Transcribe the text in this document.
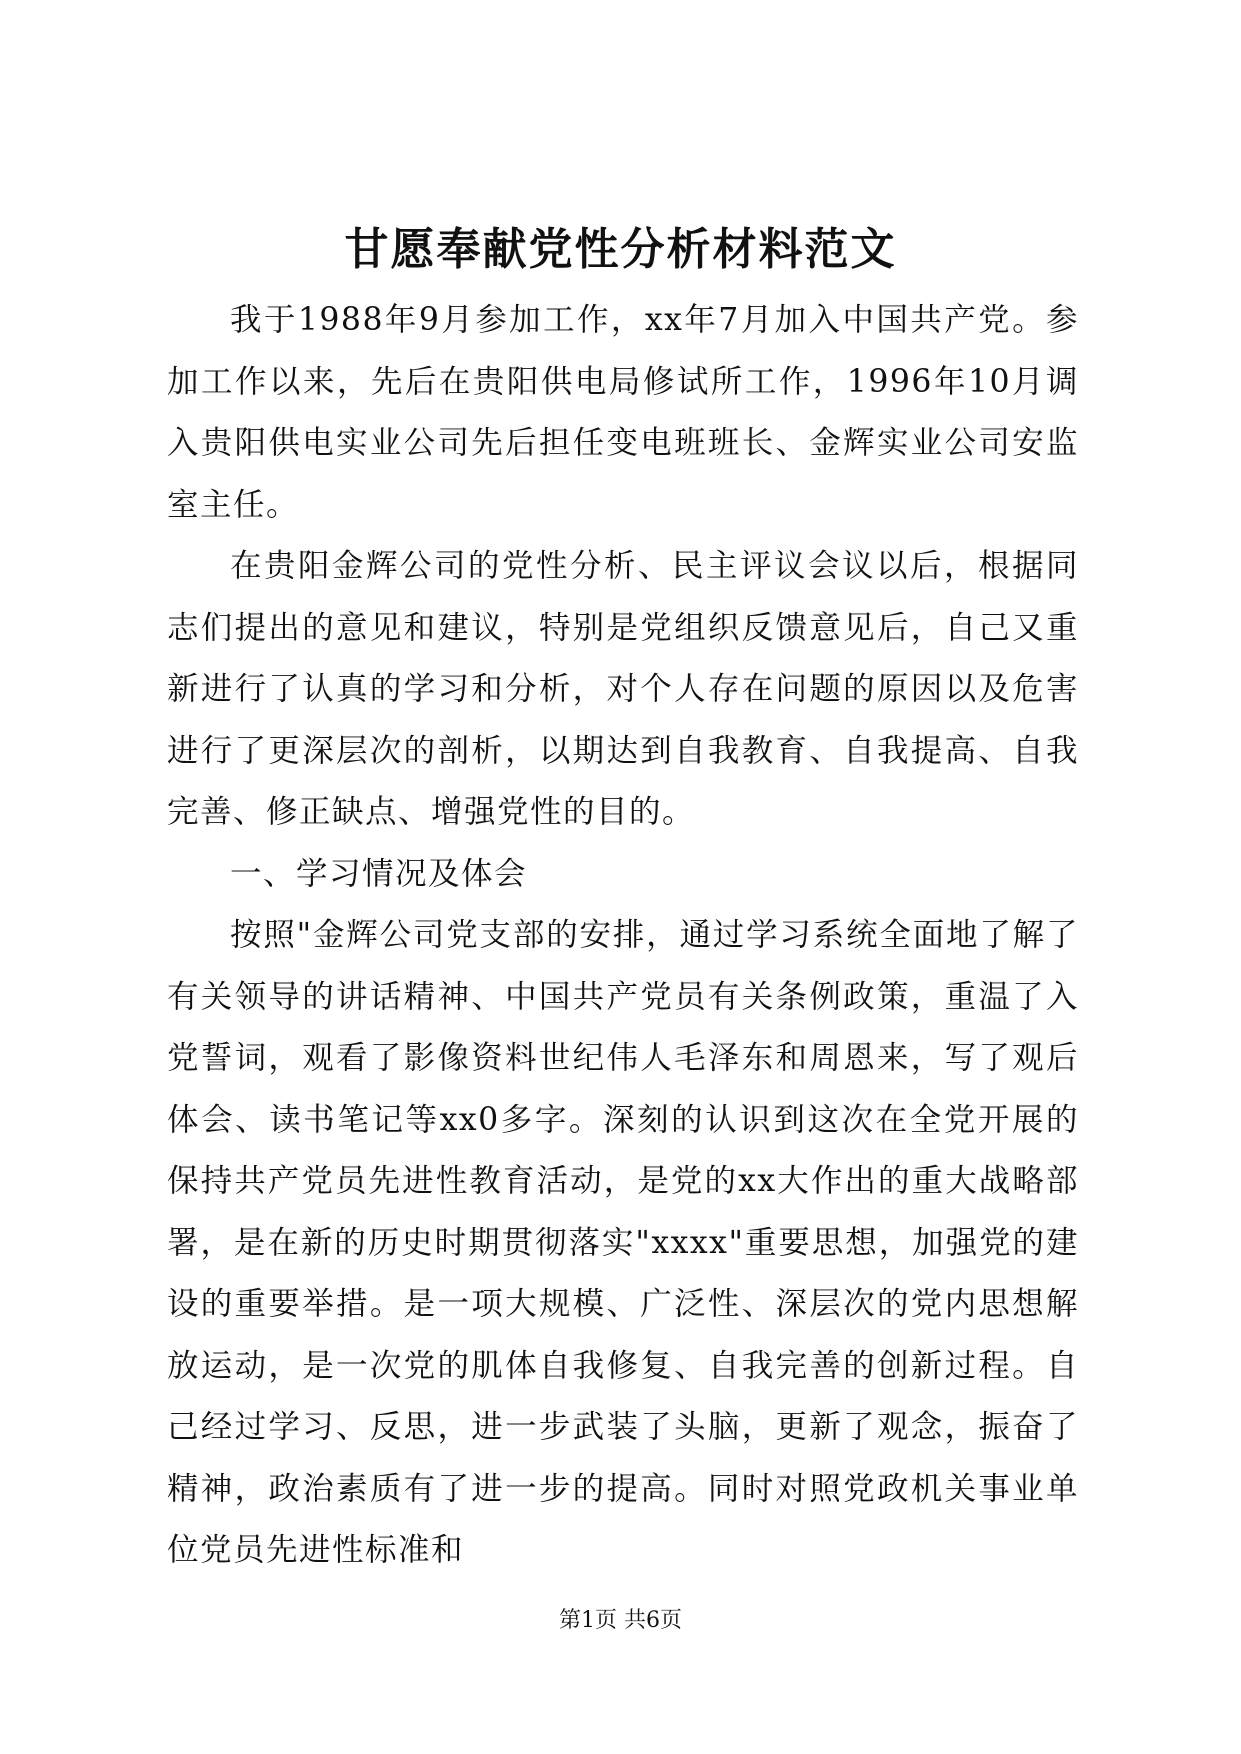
甘愿奉献党性分析材料范文

我于1988年9月参加工作，xx年7月加入中国共产党。参加工作以来，先后在贵阳供电局修试所工作，1996年10月调入贵阳供电实业公司先后担任变电班班长、金辉实业公司安监室主任。

在贵阳金辉公司的党性分析、民主评议会议以后，根据同志们提出的意见和建议，特别是党组织反馈意见后，自己又重新进行了认真的学习和分析，对个人存在问题的原因以及危害进行了更深层次的剖析，以期达到自我教育、自我提高、自我完善、修正缺点、增强党性的目的。

一、学习情况及体会

按照"金辉公司党支部的安排，通过学习系统全面地了解了有关领导的讲话精神、中国共产党员有关条例政策，重温了入党誓词，观看了影像资料世纪伟人毛泽东和周恩来，写了观后体会、读书笔记等xx0多字。深刻的认识到这次在全党开展的保持共产党员先进性教育活动，是党的xx大作出的重大战略部署，是在新的历史时期贯彻落实"xxxx"重要思想，加强党的建设的重要举措。是一项大规模、广泛性、深层次的党内思想解放运动，是一次党的肌体自我修复、自我完善的创新过程。自己经过学习、反思，进一步武装了头脑，更新了观念，振奋了精神，政治素质有了进一步的提高。同时对照党政机关事业单位党员先进性标准和

第1页 共6页
